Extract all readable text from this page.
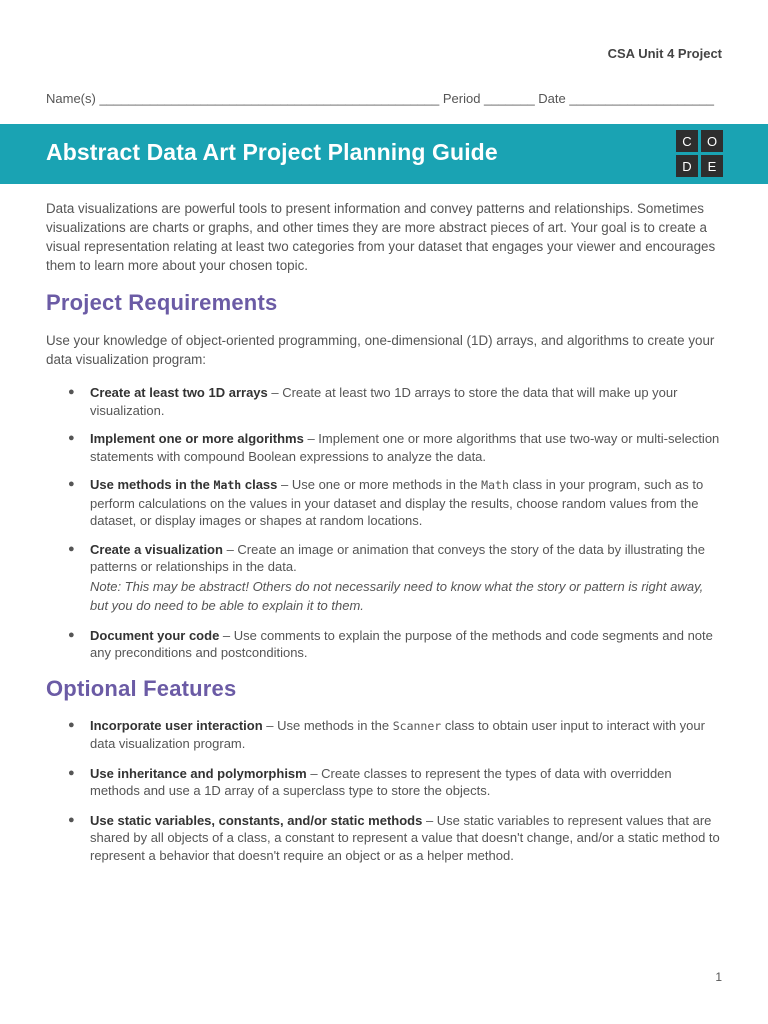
CSA Unit 4 Project
Name(s) _______________________________________________ Period _______ Date ____________________
Abstract Data Art Project Planning Guide	C	O
D	E

Data visualizations are powerful tools to present information and convey patterns and relationships. Sometimes visualizations are charts or graphs, and other times they are more abstract pieces of art. Your goal is to create a visual representation relating at least two categories from your dataset that engages your viewer and encourages them to learn more about your chosen topic.

Project Requirements

Use your knowledge of object-oriented programming, one-dimensional (1D) arrays, and algorithms to create your data visualization program:

● Create at least two 1D arrays – Create at least two 1D arrays to store the data that will make up your visualization.
● Implement one or more algorithms – Implement one or more algorithms that use two-way or multi-selection statements with compound Boolean expressions to analyze the data.
● Use methods in the Math class – Use one or more methods in the Math class in your program, such as to perform calculations on the values in your dataset and display the results, choose random values from the dataset, or display images or shapes at random locations.
● Create a visualization – Create an image or animation that conveys the story of the data by illustrating the patterns or relationships in the data.
Note: This may be abstract! Others do not necessarily need to know what the story or pattern is right away, but you do need to be able to explain it to them.
● Document your code – Use comments to explain the purpose of the methods and code segments and note any preconditions and postconditions.
Optional Features
● Incorporate user interaction – Use methods in the Scanner class to obtain user input to interact with your data visualization program.
● Use inheritance and polymorphism – Create classes to represent the types of data with overridden methods and use a 1D array of a superclass type to store the objects.
● Use static variables, constants, and/or static methods – Use static variables to represent values that are shared by all objects of a class, a constant to represent a value that doesn't change, and/or a static method to represent a behavior that doesn't require an object or as a helper method.
1
